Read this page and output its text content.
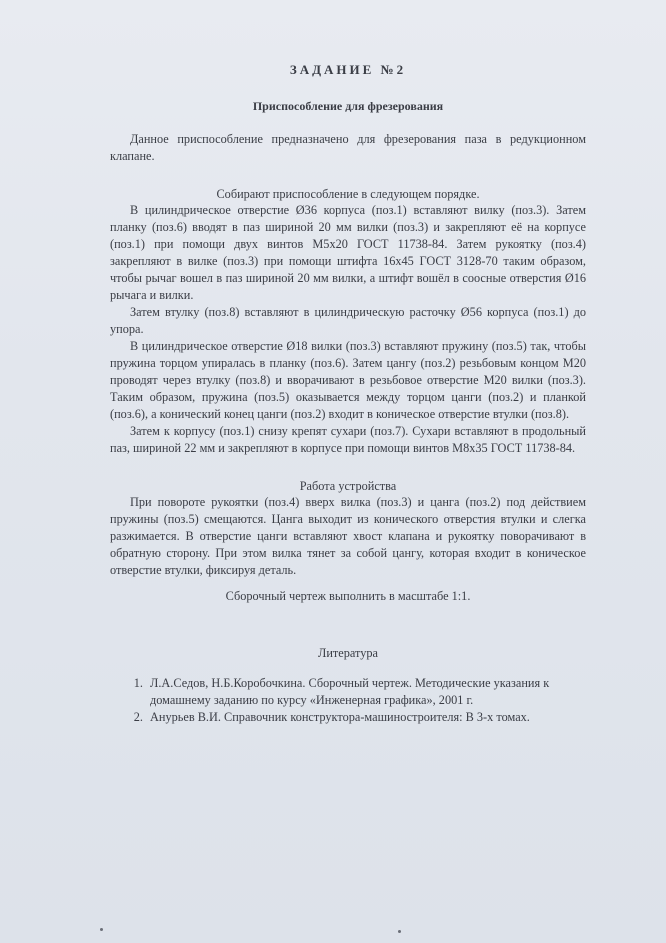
ЗАДАНИЕ №2
Приспособление для фрезерования

Данное приспособление предназначено для фрезерования паза в редукционном клапане.

Собирают приспособление в следующем порядке.

В цилиндрическое отверстие Ø36 корпуса (поз.1) вставляют вилку (поз.3). Затем планку (поз.6) вводят в паз шириной 20 мм вилки (поз.3) и закрепляют её на корпусе (поз.1) при помощи двух винтов М5х20 ГОСТ 11738-84. Затем рукоятку (поз.4) закрепляют в вилке (поз.3) при помощи штифта 16х45 ГОСТ 3128-70 таким образом, чтобы рычаг вошел в паз шириной 20 мм вилки, а штифт вошёл в соосные отверстия Ø16 рычага и вилки.

Затем втулку (поз.8) вставляют в цилиндрическую расточку Ø56 корпуса (поз.1) до упора.

В цилиндрическое отверстие Ø18 вилки (поз.3) вставляют пружину (поз.5) так, чтобы пружина торцом упиралась в планку (поз.6). Затем цангу (поз.2) резьбовым концом М20 проводят через втулку (поз.8) и вворачивают в резьбовое отверстие М20 вилки (поз.3). Таким образом, пружина (поз.5) оказывается между торцом цанги (поз.2) и планкой (поз.6), а конический конец цанги (поз.2) входит в коническое отверстие втулки (поз.8).

Затем к корпусу (поз.1) снизу крепят сухари (поз.7). Сухари вставляют в продольный паз, шириной 22 мм и закрепляют в корпусе при помощи винтов М8х35 ГОСТ 11738-84.

Работа устройства

При повороте рукоятки (поз.4) вверх вилка (поз.3) и цанга (поз.2) под действием пружины (поз.5) смещаются. Цанга выходит из конического отверстия втулки и слегка разжимается. В отверстие цанги вставляют хвост клапана и рукоятку поворачивают в обратную сторону. При этом вилка тянет за собой цангу, которая входит в коническое отверстие втулки, фиксируя деталь.

Сборочный чертеж выполнить в масштабе 1:1.
Литература
1. Л.А.Седов, Н.Б.Коробочкина. Сборочный чертеж. Методические указания к домашнему заданию по курсу «Инженерная графика», 2001 г.
2. Анурьев В.И. Справочник конструктора-машиностроителя: В 3-х томах.
